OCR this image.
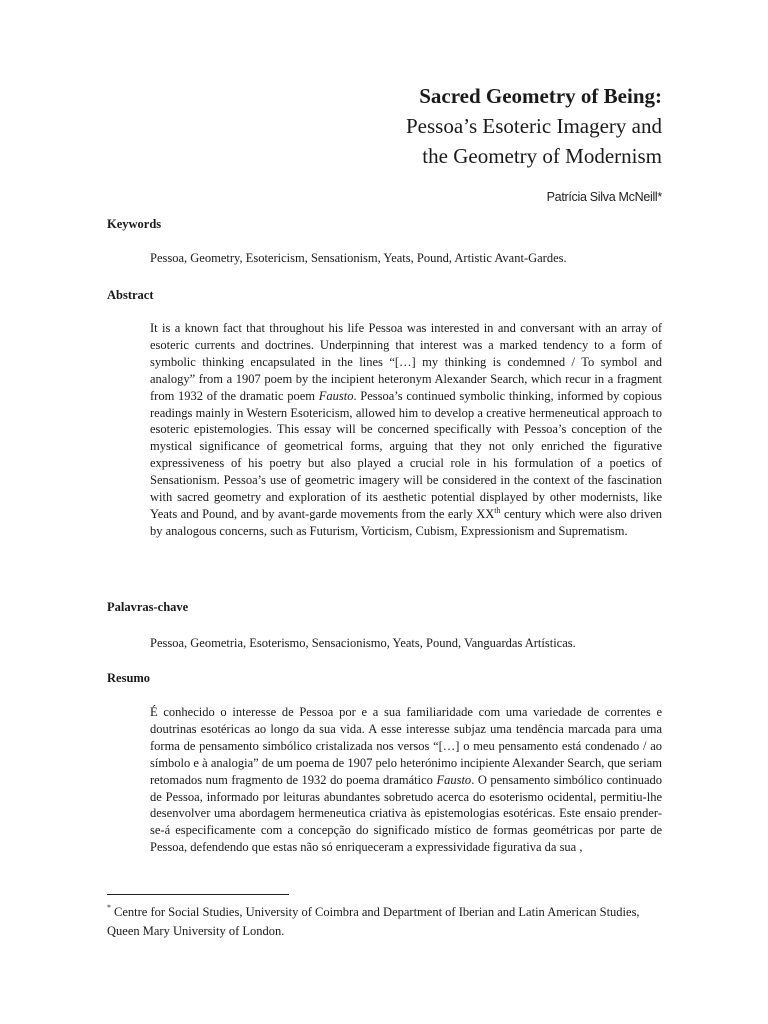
Sacred Geometry of Being:
Pessoa’s Esoteric Imagery and
the Geometry of Modernism
Patrícia Silva McNeill*
Keywords
Pessoa, Geometry, Esotericism, Sensationism, Yeats, Pound, Artistic Avant-Gardes.
Abstract

It is a known fact that throughout his life Pessoa was interested in and conversant with an array of esoteric currents and doctrines. Underpinning that interest was a marked tendency to a form of symbolic thinking encapsulated in the lines “[…] my thinking is condemned / To symbol and analogy” from a 1907 poem by the incipient heteronym Alexander Search, which recur in a fragment from 1932 of the dramatic poem Fausto. Pessoa’s continued symbolic thinking, informed by copious readings mainly in Western Esotericism, allowed him to develop a creative hermeneutical approach to esoteric epistemologies. This essay will be concerned specifically with Pessoa’s conception of the mystical significance of geometrical forms, arguing that they not only enriched the figurative expressiveness of his poetry but also played a crucial role in his formulation of a poetics of Sensationism. Pessoa’s use of geometric imagery will be considered in the context of the fascination with sacred geometry and exploration of its aesthetic potential displayed by other modernists, like Yeats and Pound, and by avant-garde movements from the early XXth century which were also driven by analogous concerns, such as Futurism, Vorticism, Cubism, Expressionism and Suprematism.

Palavras-chave
Pessoa, Geometria, Esoterismo, Sensacionismo, Yeats, Pound, Vanguardas Artísticas.
Resumo

É conhecido o interesse de Pessoa por e a sua familiaridade com uma variedade de correntes e doutrinas esotéricas ao longo da sua vida. A esse interesse subjaz uma tendência marcada para uma forma de pensamento simbólico cristalizada nos versos “[…] o meu pensamento está condenado / ao símbolo e à analogia” de um poema de 1907 pelo heterónimo incipiente Alexander Search, que seriam retomados num fragmento de 1932 do poema dramático Fausto. O pensamento simbólico continuado de Pessoa, informado por leituras abundantes sobretudo acerca do esoterismo ocidental, permitiu-lhe desenvolver uma abordagem hermeneutica criativa às epistemologias esotéricas. Este ensaio prender-se-á especificamente com a concepção do significado místico de formas geométricas por parte de Pessoa, defendendo que estas não só enriqueceram a expressividade figurativa da sua ,

* Centre for Social Studies, University of Coimbra and Department of Iberian and Latin American Studies, Queen Mary University of London.
